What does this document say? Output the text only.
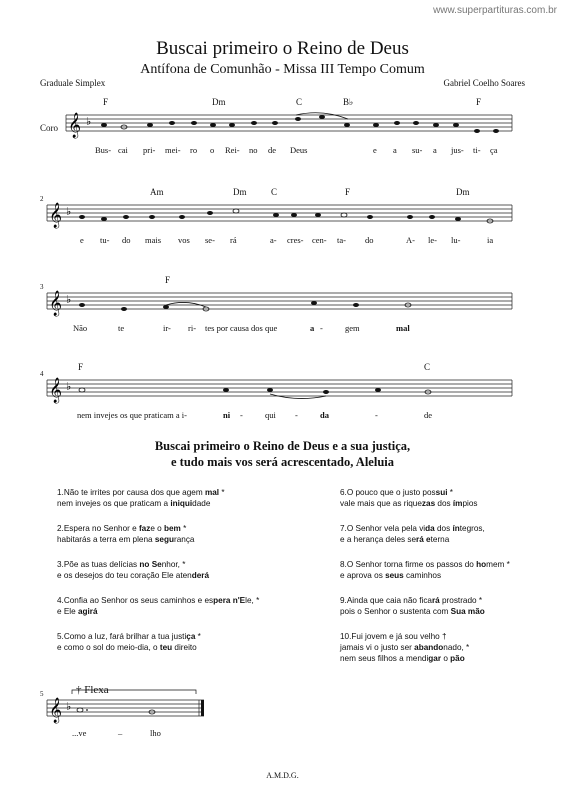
www.superpartituras.com.br
Buscai primeiro o Reino de Deus
Antífona de Comunhão - Missa III Tempo Comum
Graduale Simplex	Gabriel Coelho Soares
Coro 𝄞 ♭
Bus- cai pri- mei- ro o Rei- no de Deus	e a su- a jus- ti- ça
F	Dm	C	B♭	F
2
𝄞 ♭
e tu- do mais vos se- rá	a- cres- cen- ta- do	A- le- lu-	ia
Am	Dm	C	F	Dm
3
𝄞 ♭
Não	te	ir- ri- tes por causa dos que	a -	gem	mal
F
4
𝄞 ♭
nem invejes os que praticam a i-	ni -	qui -	da	-	de
F	C
Buscai primeiro o Reino de Deus e a sua justiça,
e tudo mais vos será acrescentado, Aleluia
1.Não te irrites por causa dos que agem mal *
nem invejes os que praticam a iniquidade
2.Espera no Senhor e faze o bem *
habitarás a terra em plena segurança
3.Põe as tuas delícias no Senhor, *
e os desejos do teu coração Ele atenderá
4.Confia ao Senhor os seus caminhos e espera n'Ele, *
e Ele agirá
5.Como a luz, fará brilhar a tua justiça *
e como o sol do meio-dia, o teu direito
6.O pouco que o justo possui *
vale mais que as riquezas dos ímpios
7.O Senhor vela pela vida dos íntegros,
e a herança deles será eterna
8.O Senhor torna firme os passos do homem *
e aprova os seus caminhos
9.Ainda que caia não ficará prostrado *
pois o Senhor o sustenta com Sua mão
10.Fui jovem e já sou velho †
jamais vi o justo ser abandonado, *
nem seus filhos a mendigar o pão
5	† Flexa
𝄞 ♭
...ve	–	lho
A.M.D.G.
